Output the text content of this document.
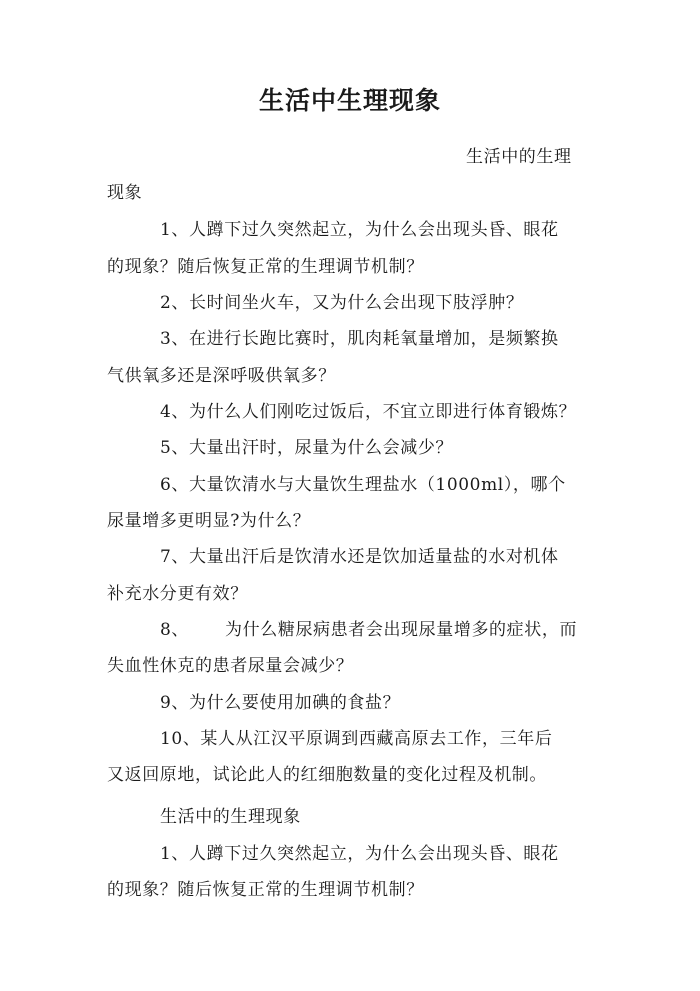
生活中生理现象
生活中的生理
现象
1、人蹲下过久突然起立，为什么会出现头昏、眼花
的现象？随后恢复正常的生理调节机制？
2、长时间坐火车，又为什么会出现下肢浮肿？
3、在进行长跑比赛时，肌肉耗氧量增加，是频繁换
气供氧多还是深呼吸供氧多？
4、为什么人们刚吃过饭后，不宜立即进行体育锻炼？
5、大量出汗时，尿量为什么会减少？
6、大量饮清水与大量饮生理盐水（1000ml），哪个
尿量增多更明显?为什么？
7、大量出汗后是饮清水还是饮加适量盐的水对机体
补充水分更有效？
8、      为什么糖尿病患者会出现尿量增多的症状，而
失血性休克的患者尿量会减少？
9、为什么要使用加碘的食盐？
10、某人从江汉平原调到西藏高原去工作，三年后
又返回原地，试论此人的红细胞数量的变化过程及机制。
生活中的生理现象
1、人蹲下过久突然起立，为什么会出现头昏、眼花
的现象？随后恢复正常的生理调节机制？
